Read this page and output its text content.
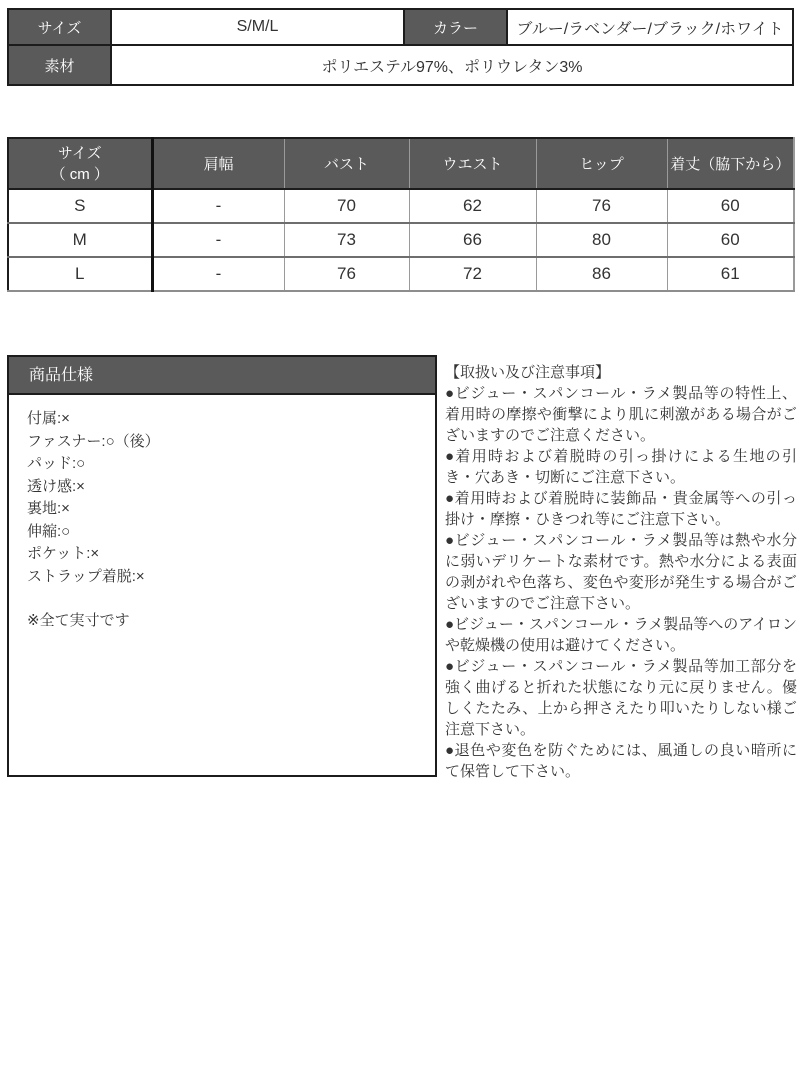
サイズ	S/M/L	カラー	ブルー/ラベンダー/ブラック/ホワイト
素材	ポリエステル97%、ポリウレタン3%		
サイズ
（ cm ）	肩幅	バスト	ウエスト	ヒップ	着丈（脇下から）
S	-	70	62	76	60
M	-	73	66	80	60
L	-	76	72	86	61
商品仕様
付属:×
ファスナー:○（後）
パッド:○
透け感:×
裏地:×
伸縮:○
ポケット:×
ストラップ着脱:×
※全て実寸です

【取扱い及び注意事項】

●ビジュー・スパンコール・ラメ製品等の特性上、着用時の摩擦や衝撃により肌に刺激がある場合がございますのでご注意ください。

●着用時および着脱時の引っ掛けによる生地の引き・穴あき・切断にご注意下さい。

●着用時および着脱時に装飾品・貴金属等への引っ掛け・摩擦・ひきつれ等にご注意下さい。

●ビジュー・スパンコール・ラメ製品等は熱や水分に弱いデリケートな素材です。熱や水分による表面の剥がれや色落ち、変色や変形が発生する場合がございますのでご注意下さい。

●ビジュー・スパンコール・ラメ製品等へのアイロンや乾燥機の使用は避けてください。

●ビジュー・スパンコール・ラメ製品等加工部分を強く曲げると折れた状態になり元に戻りません。優しくたたみ、上から押さえたり叩いたりしない様ご注意下さい。

●退色や変色を防ぐためには、風通しの良い暗所にて保管して下さい。
